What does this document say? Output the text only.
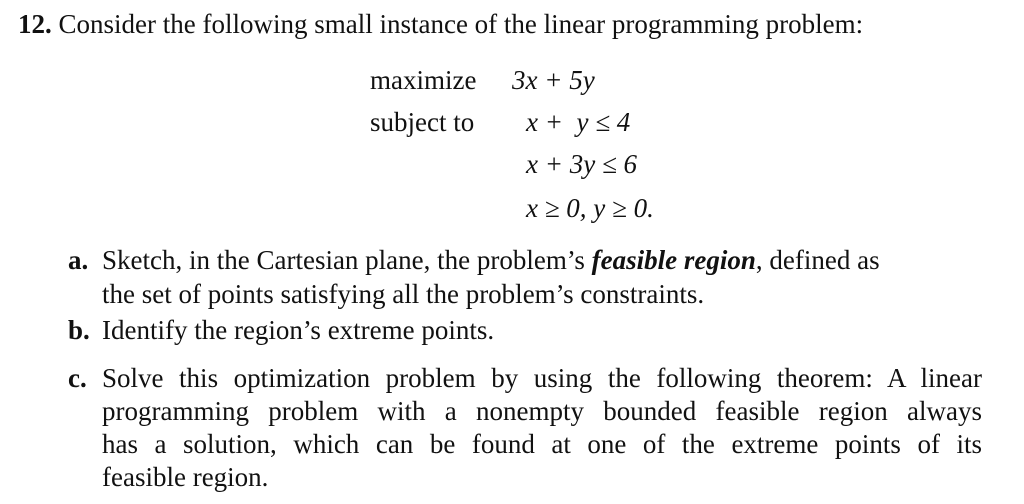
12. Consider the following small instance of the linear programming problem:
maximize 3x + 5y
subject to x +  y ≤ 4
x + 3y ≤ 6
x ≥ 0, y ≥ 0.
a. Sketch, in the Cartesian plane, the problem’s feasible region, defined as
the set of points satisfying all the problem’s constraints.
b. Identify the region’s extreme points.
c. Solve this optimization problem by using the following theorem: A linear
programming problem with a nonempty bounded feasible region always
has a solution, which can be found at one of the extreme points of its
feasible region.
